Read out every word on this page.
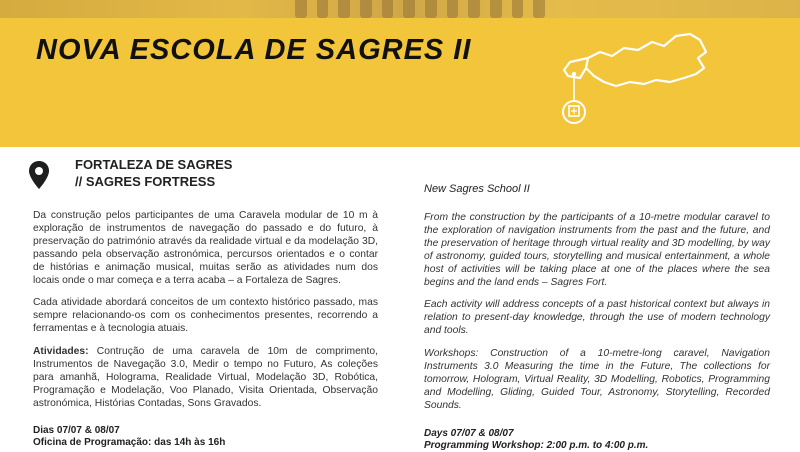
NOVA ESCOLA DE SAGRES II
FORTALEZA DE SAGRES
// SAGRES FORTRESS

Da construção pelos participantes de uma Caravela modular de 10 m à exploração de instrumentos de navegação do passado e do futuro, à preservação do património através da realidade virtual e da modelação 3D, passando pela observação astronómica, percursos orientados e o contar de histórias e animação musical, muitas serão as atividades num dos locais onde o mar começa e a terra acaba – a Fortaleza de Sagres.

Cada atividade abordará conceitos de um contexto histórico passado, mas sempre relacionando-os com os conhecimentos presentes, recorrendo a ferramentas e à tecnologia atuais.

Atividades: Contrução de uma caravela de 10m de comprimento, Instrumentos de Navegação 3.0, Medir o tempo no Futuro, As coleções para amanhã, Holograma, Realidade Virtual, Modelação 3D, Robótica, Programação e Modelação, Voo Planado, Visita Orientada, Observação astronómica, Histórias Contadas, Sons Gravados.

Dias 07/07 & 08/07
Oficina de Programação: das 14h às 16h
New Sagres School II

From the construction by the participants of a 10-metre modular caravel to the exploration of navigation instruments from the past and the future, and the preservation of heritage through virtual reality and 3D modelling, by way of astronomy, guided tours, storytelling and musical entertainment, a whole host of activities will be taking place at one of the places where the sea begins and the land ends – Sagres Fort.

Each activity will address concepts of a past historical context but always in relation to present-day knowledge, through the use of modern technology and tools.

Workshops: Construction of a 10-metre-long caravel, Navigation Instruments 3.0 Measuring the time in the Future, The collections for tomorrow, Hologram, Virtual Reality, 3D Modelling, Robotics, Programming and Modelling, Gliding, Guided Tour, Astronomy, Storytelling, Recorded Sounds.

Days 07/07 & 08/07
Programming Workshop: 2:00 p.m. to 4:00 p.m.
